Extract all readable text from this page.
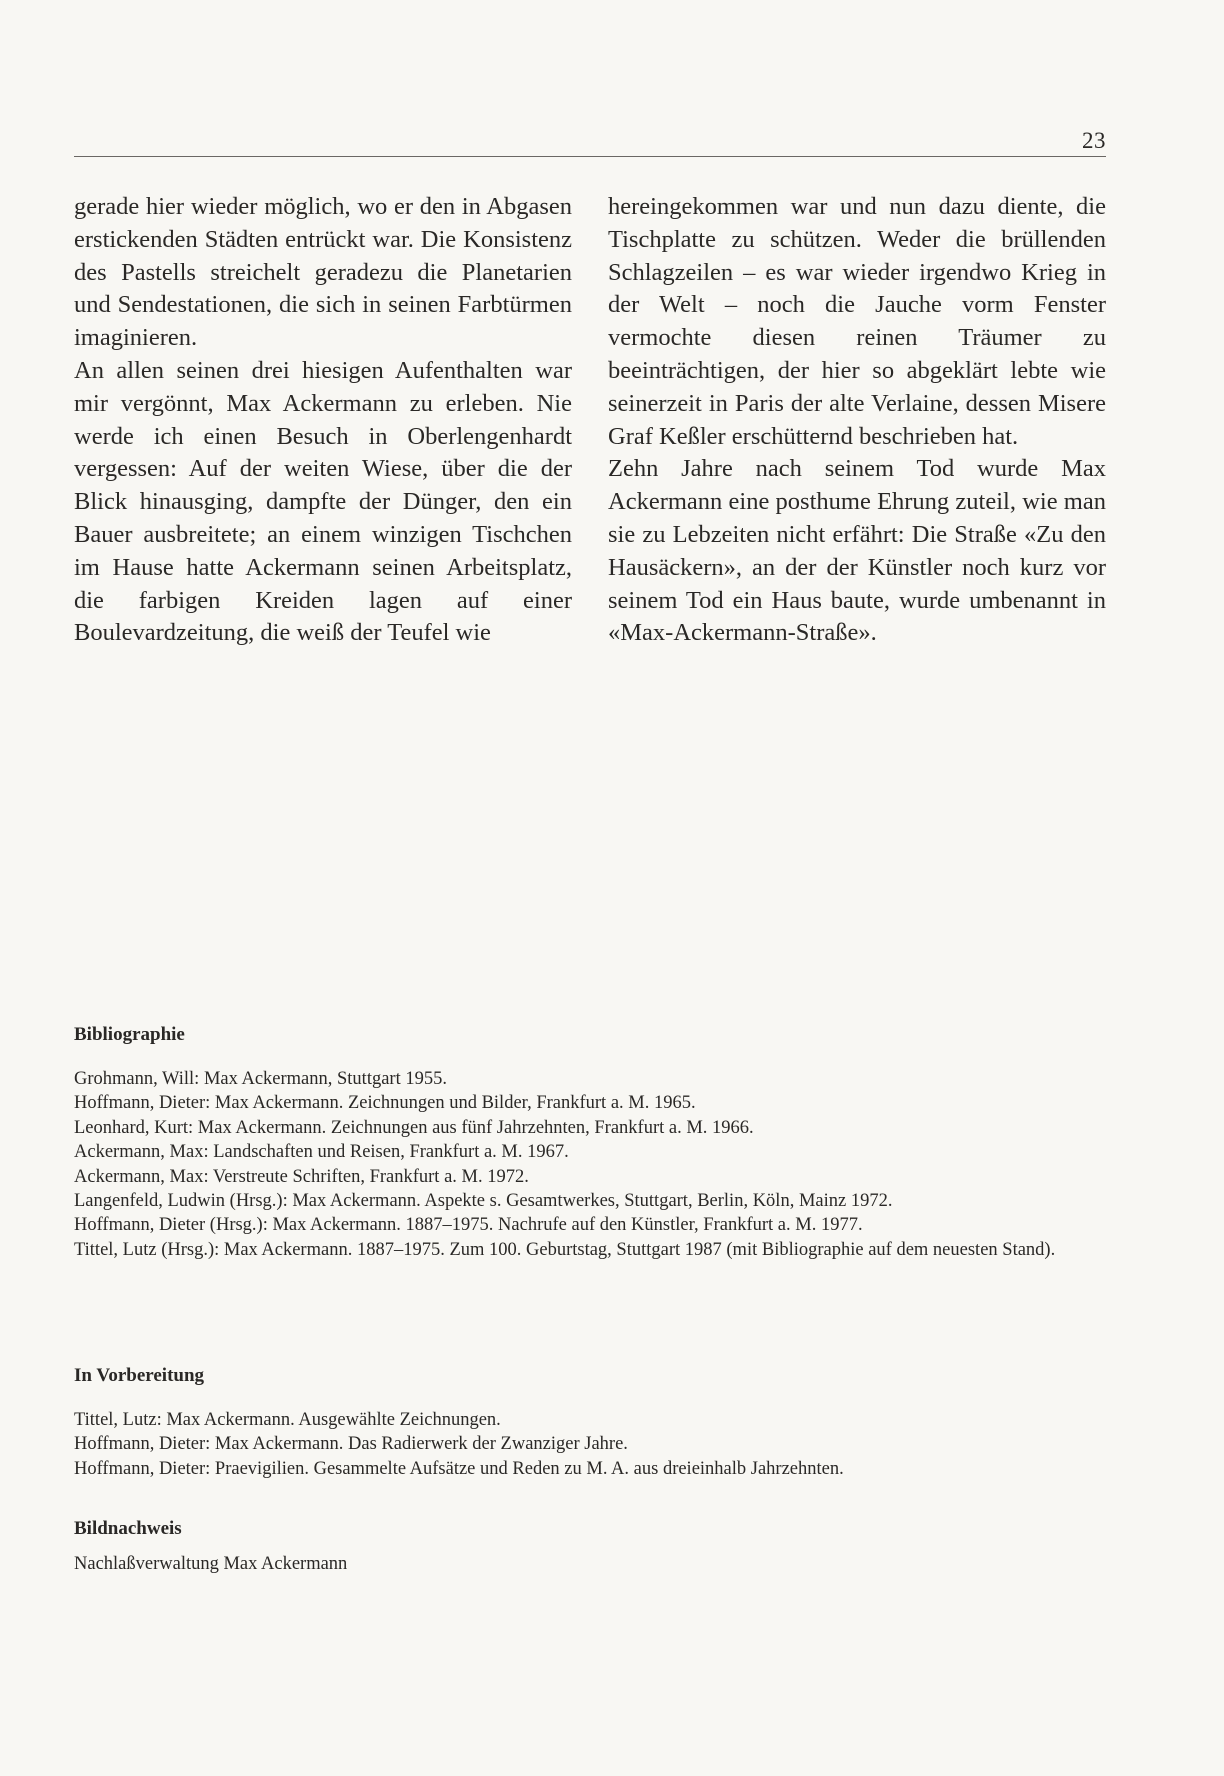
23

gerade hier wieder möglich, wo er den in Abgasen erstickenden Städten entrückt war. Die Konsistenz des Pastells streichelt geradezu die Planetarien und Sendestationen, die sich in seinen Farbtürmen imaginieren.

An allen seinen drei hiesigen Aufenthalten war mir vergönnt, Max Ackermann zu erleben. Nie werde ich einen Besuch in Oberlengenhardt vergessen: Auf der weiten Wiese, über die der Blick hinausging, dampfte der Dünger, den ein Bauer ausbreitete; an einem winzigen Tischchen im Hause hatte Ackermann seinen Arbeitsplatz, die farbigen Kreiden lagen auf einer Boulevardzeitung, die weiß der Teufel wie

hereingekommen war und nun dazu diente, die Tischplatte zu schützen. Weder die brüllenden Schlagzeilen – es war wieder irgendwo Krieg in der Welt – noch die Jauche vorm Fenster vermochte diesen reinen Träumer zu beeinträchtigen, der hier so abgeklärt lebte wie seinerzeit in Paris der alte Verlaine, dessen Misere Graf Keßler erschütternd beschrieben hat.

Zehn Jahre nach seinem Tod wurde Max Ackermann eine posthume Ehrung zuteil, wie man sie zu Lebzeiten nicht erfährt: Die Straße «Zu den Hausäckern», an der der Künstler noch kurz vor seinem Tod ein Haus baute, wurde umbenannt in «Max-Ackermann-Straße».

Bibliographie
Grohmann, Will: Max Ackermann, Stuttgart 1955.
Hoffmann, Dieter: Max Ackermann. Zeichnungen und Bilder, Frankfurt a. M. 1965.
Leonhard, Kurt: Max Ackermann. Zeichnungen aus fünf Jahrzehnten, Frankfurt a. M. 1966.
Ackermann, Max: Landschaften und Reisen, Frankfurt a. M. 1967.
Ackermann, Max: Verstreute Schriften, Frankfurt a. M. 1972.
Langenfeld, Ludwin (Hrsg.): Max Ackermann. Aspekte s. Gesamtwerkes, Stuttgart, Berlin, Köln, Mainz 1972.
Hoffmann, Dieter (Hrsg.): Max Ackermann. 1887–1975. Nachrufe auf den Künstler, Frankfurt a. M. 1977.
Tittel, Lutz (Hrsg.): Max Ackermann. 1887–1975. Zum 100. Geburtstag, Stuttgart 1987 (mit Bibliographie auf dem neuesten Stand).
In Vorbereitung
Tittel, Lutz: Max Ackermann. Ausgewählte Zeichnungen.
Hoffmann, Dieter: Max Ackermann. Das Radierwerk der Zwanziger Jahre.
Hoffmann, Dieter: Praevigilien. Gesammelte Aufsätze und Reden zu M. A. aus dreieinhalb Jahrzehnten.
Bildnachweis
Nachlaßverwaltung Max Ackermann
